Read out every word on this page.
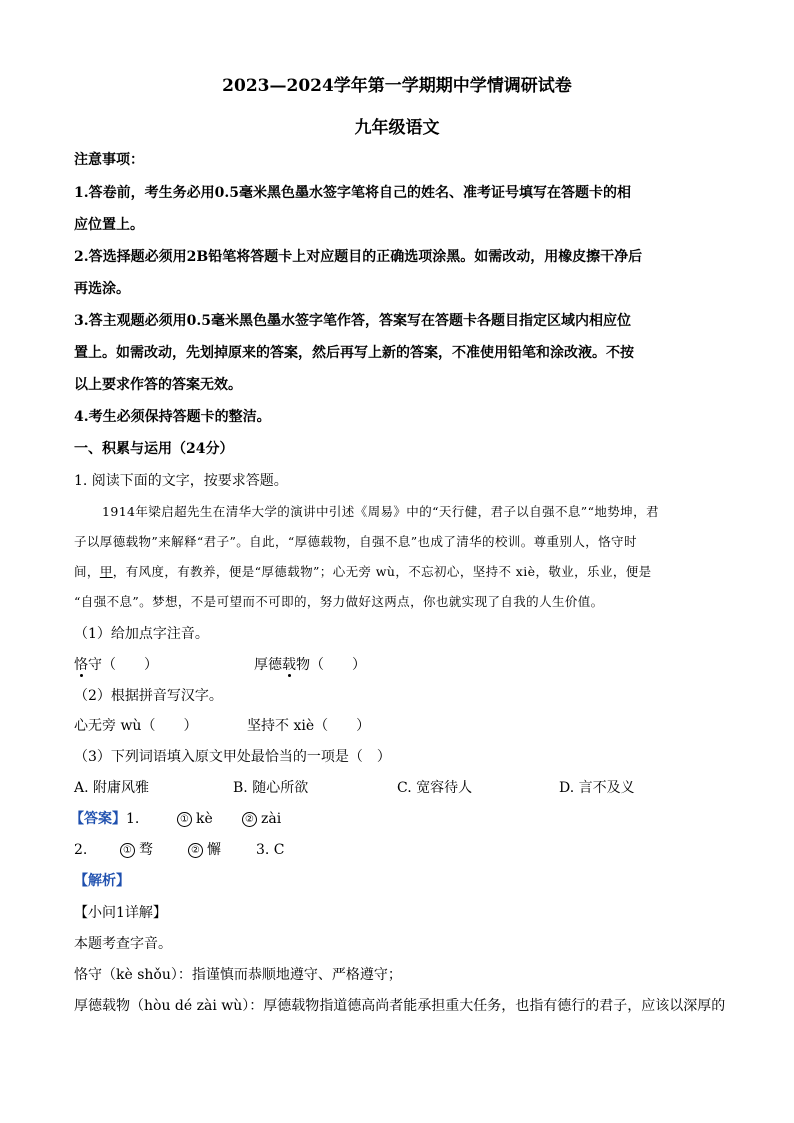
2023—2024学年第一学期期中学情调研试卷
九年级语文
注意事项：
1.答卷前，考生务必用0.5毫米黑色墨水签字笔将自己的姓名、准考证号填写在答题卡的相
应位置上。
2.答选择题必须用2B铅笔将答题卡上对应题目的正确选项涂黑。如需改动，用橡皮擦干净后
再选涂。
3.答主观题必须用0.5毫米黑色墨水签字笔作答，答案写在答题卡各题目指定区域内相应位
置上。如需改动，先划掉原来的答案，然后再写上新的答案，不准使用铅笔和涂改液。不按
以上要求作答的答案无效。
4.考生必须保持答题卡的整洁。
一、积累与运用（24分）
1. 阅读下面的文字，按要求答题。
1914年梁启超先生在清华大学的演讲中引述《周易》中的“天行健，君子以自强不息”“地势坤，君
子以厚德载物”来解释“君子”。自此，“厚德载物，自强不息”也成了清华的校训。尊重别人，恪守时
间，甲，有风度，有教养，便是“厚德载物”；心无旁 wù，不忘初心，坚持不 xiè，敬业，乐业，便是
“自强不息”。梦想，不是可望而不可即的，努力做好这两点，你也就实现了自我的人生价值。
（1）给加点字注音。
恪守（　　）	厚德载物（　　）
（2）根据拼音写汉字。
心无旁 wù（　　）	坚持不 xiè（　　）
（3）下列词语填入原文甲处最恰当的一项是（　）
A. 附庸风雅	B. 随心所欲	C. 宽容待人	D. 言不及义
【答案】1.	① kè	② zài
2.	① 骛	② 懈	3. C
【解析】
【小问1详解】
本题考查字音。
恪守（kè shǒu）：指谨慎而恭顺地遵守、严格遵守；
厚德载物（hòu dé zài wù）：厚德载物指道德高尚者能承担重大任务，也指有德行的君子，应该以深厚的
